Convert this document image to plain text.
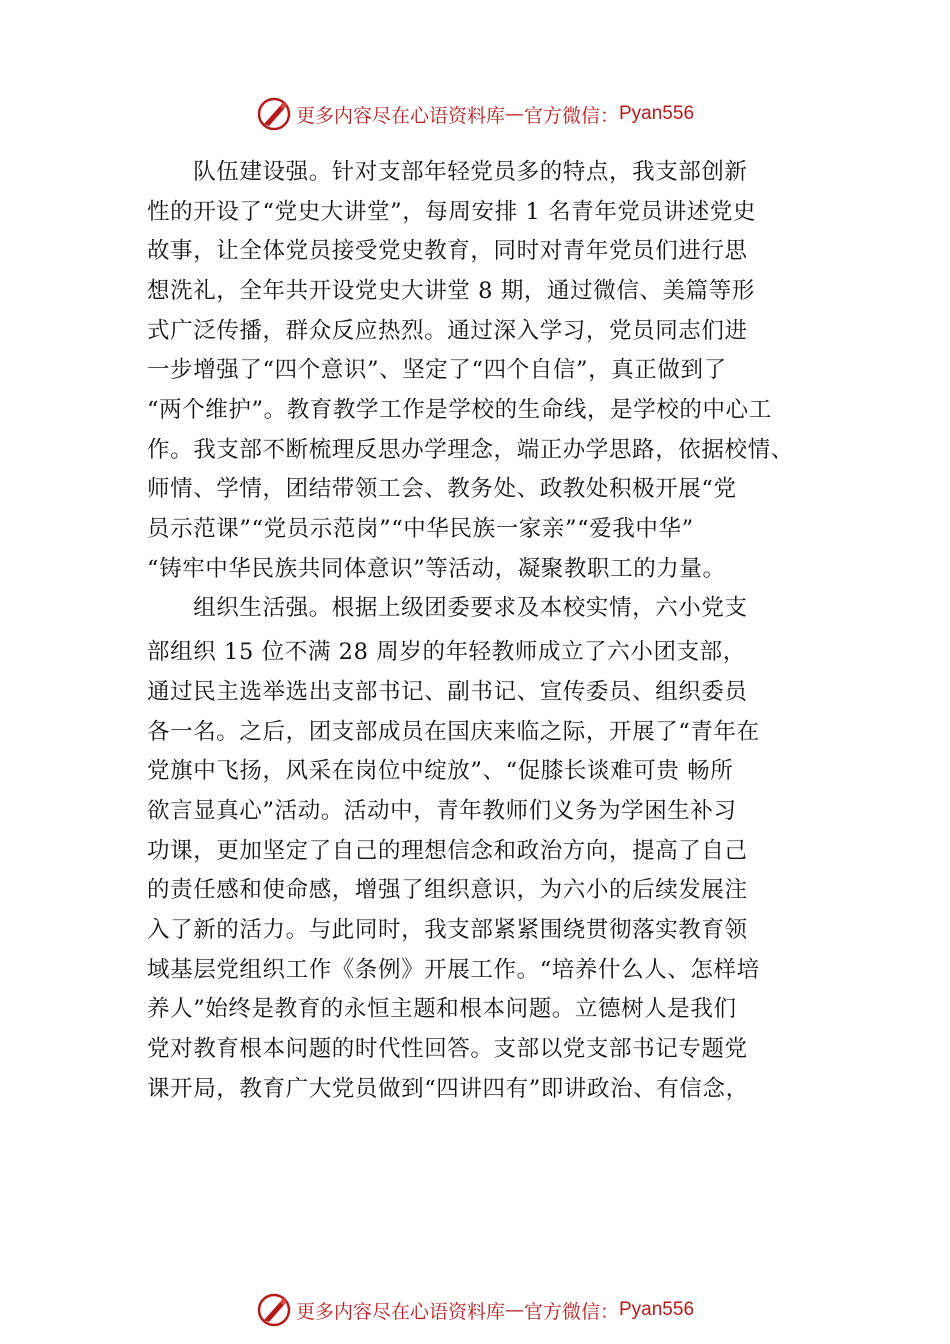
更多内容尽在心语资料库 — 官方微信： Pyan556

　　队伍建设强。针对支部年轻党员多的特点，我支部创新

性的开设了“党史大讲堂”，每周安排 1 名青年党员讲述党史

故事，让全体党员接受党史教育，同时对青年党员们进行思

想洗礼，全年共开设党史大讲堂 8 期，通过微信、美篇等形

式广泛传播，群众反应热烈。通过深入学习，党员同志们进

一步增强了“四个意识”、坚定了“四个自信”，真正做到了

“两个维护”。教育教学工作是学校的生命线，是学校的中心工

作。我支部不断梳理反思办学理念，端正办学思路，依据校情、

师情、学情，团结带领工会、教务处、政教处积极开展“党

员示范课”“党员示范岗”“中华民族一家亲”“爱我中华”

“铸牢中华民族共同体意识”等活动，凝聚教职工的力量。

　　组织生活强。根据上级团委要求及本校实情，六小党支

部组织 15 位不满 28 周岁的年轻教师成立了六小团支部，

通过民主选举选出支部书记、副书记、宣传委员、组织委员

各一名。之后，团支部成员在国庆来临之际，开展了“青年在

党旗中飞扬，风采在岗位中绽放”、“促膝长谈难可贵 畅所

欲言显真心”活动。活动中，青年教师们义务为学困生补习

功课，更加坚定了自己的理想信念和政治方向，提高了自己

的责任感和使命感，增强了组织意识，为六小的后续发展注

入了新的活力。与此同时，我支部紧紧围绕贯彻落实教育领

域基层党组织工作《条例》开展工作。“培养什么人、怎样培

养人”始终是教育的永恒主题和根本问题。立德树人是我们

党对教育根本问题的时代性回答。支部以党支部书记专题党

课开局，教育广大党员做到“四讲四有”即讲政治、有信念，

更多内容尽在心语资料库 — 官方微信： Pyan556
